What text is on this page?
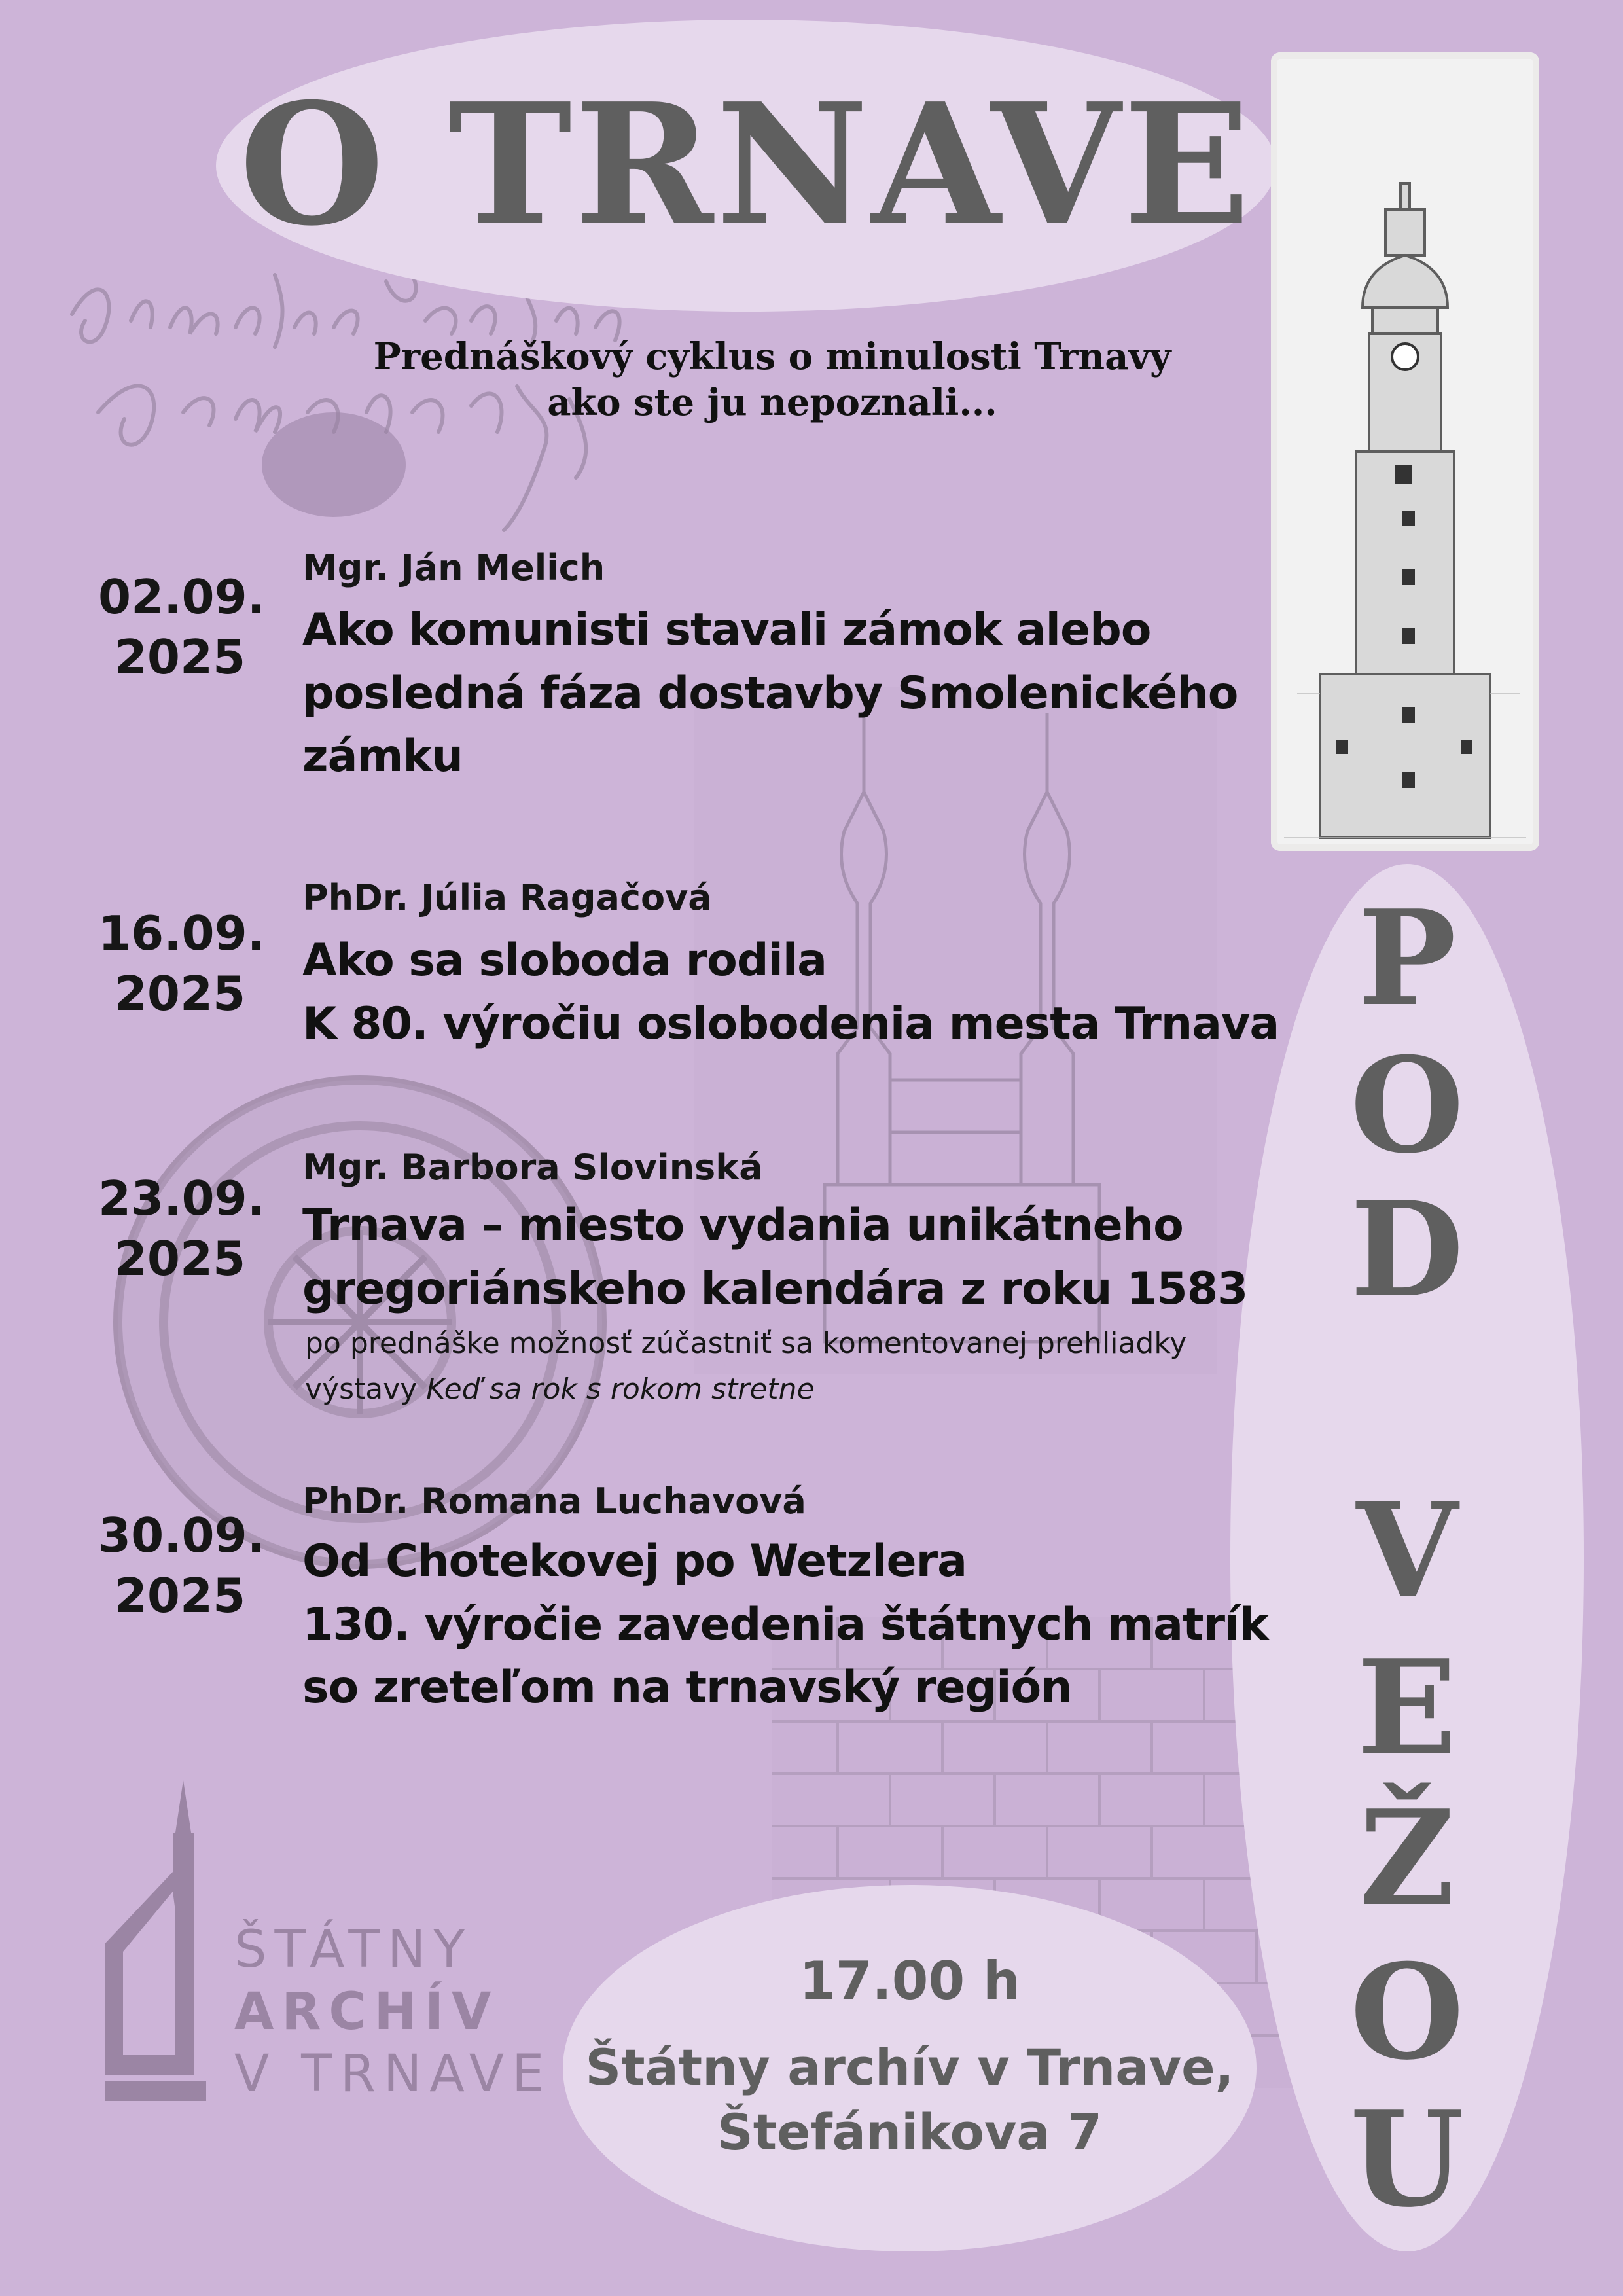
O TRNAVE
Prednáškový cyklus o minulosti Trnavy
ako ste ju nepoznali...
P
O
D
V
E
Ž
O
U
02.09.
2025
Mgr. Ján Melich
Ako komunisti stavali zámok alebo
posledná fáza dostavby Smolenického
zámku
16.09.
2025
PhDr. Júlia Ragačová
Ako sa sloboda rodila
K 80. výročiu oslobodenia mesta Trnava
23.09.
2025
Mgr. Barbora Slovinská
Trnava – miesto vydania unikátneho
gregoriánskeho kalendára z roku 1583
po prednáške možnosť zúčastniť sa komentovanej prehliadky
výstavy Keď sa rok s rokom stretne
30.09.
2025
PhDr. Romana Luchavová
Od Chotekovej po Wetzlera
130. výročie zavedenia štátnych matrík
so zreteľom na trnavský región
ŠTÁTNY
ARCHÍV
V TRNAVE
17.00 h
Štátny archív v Trnave,
Štefánikova 7
